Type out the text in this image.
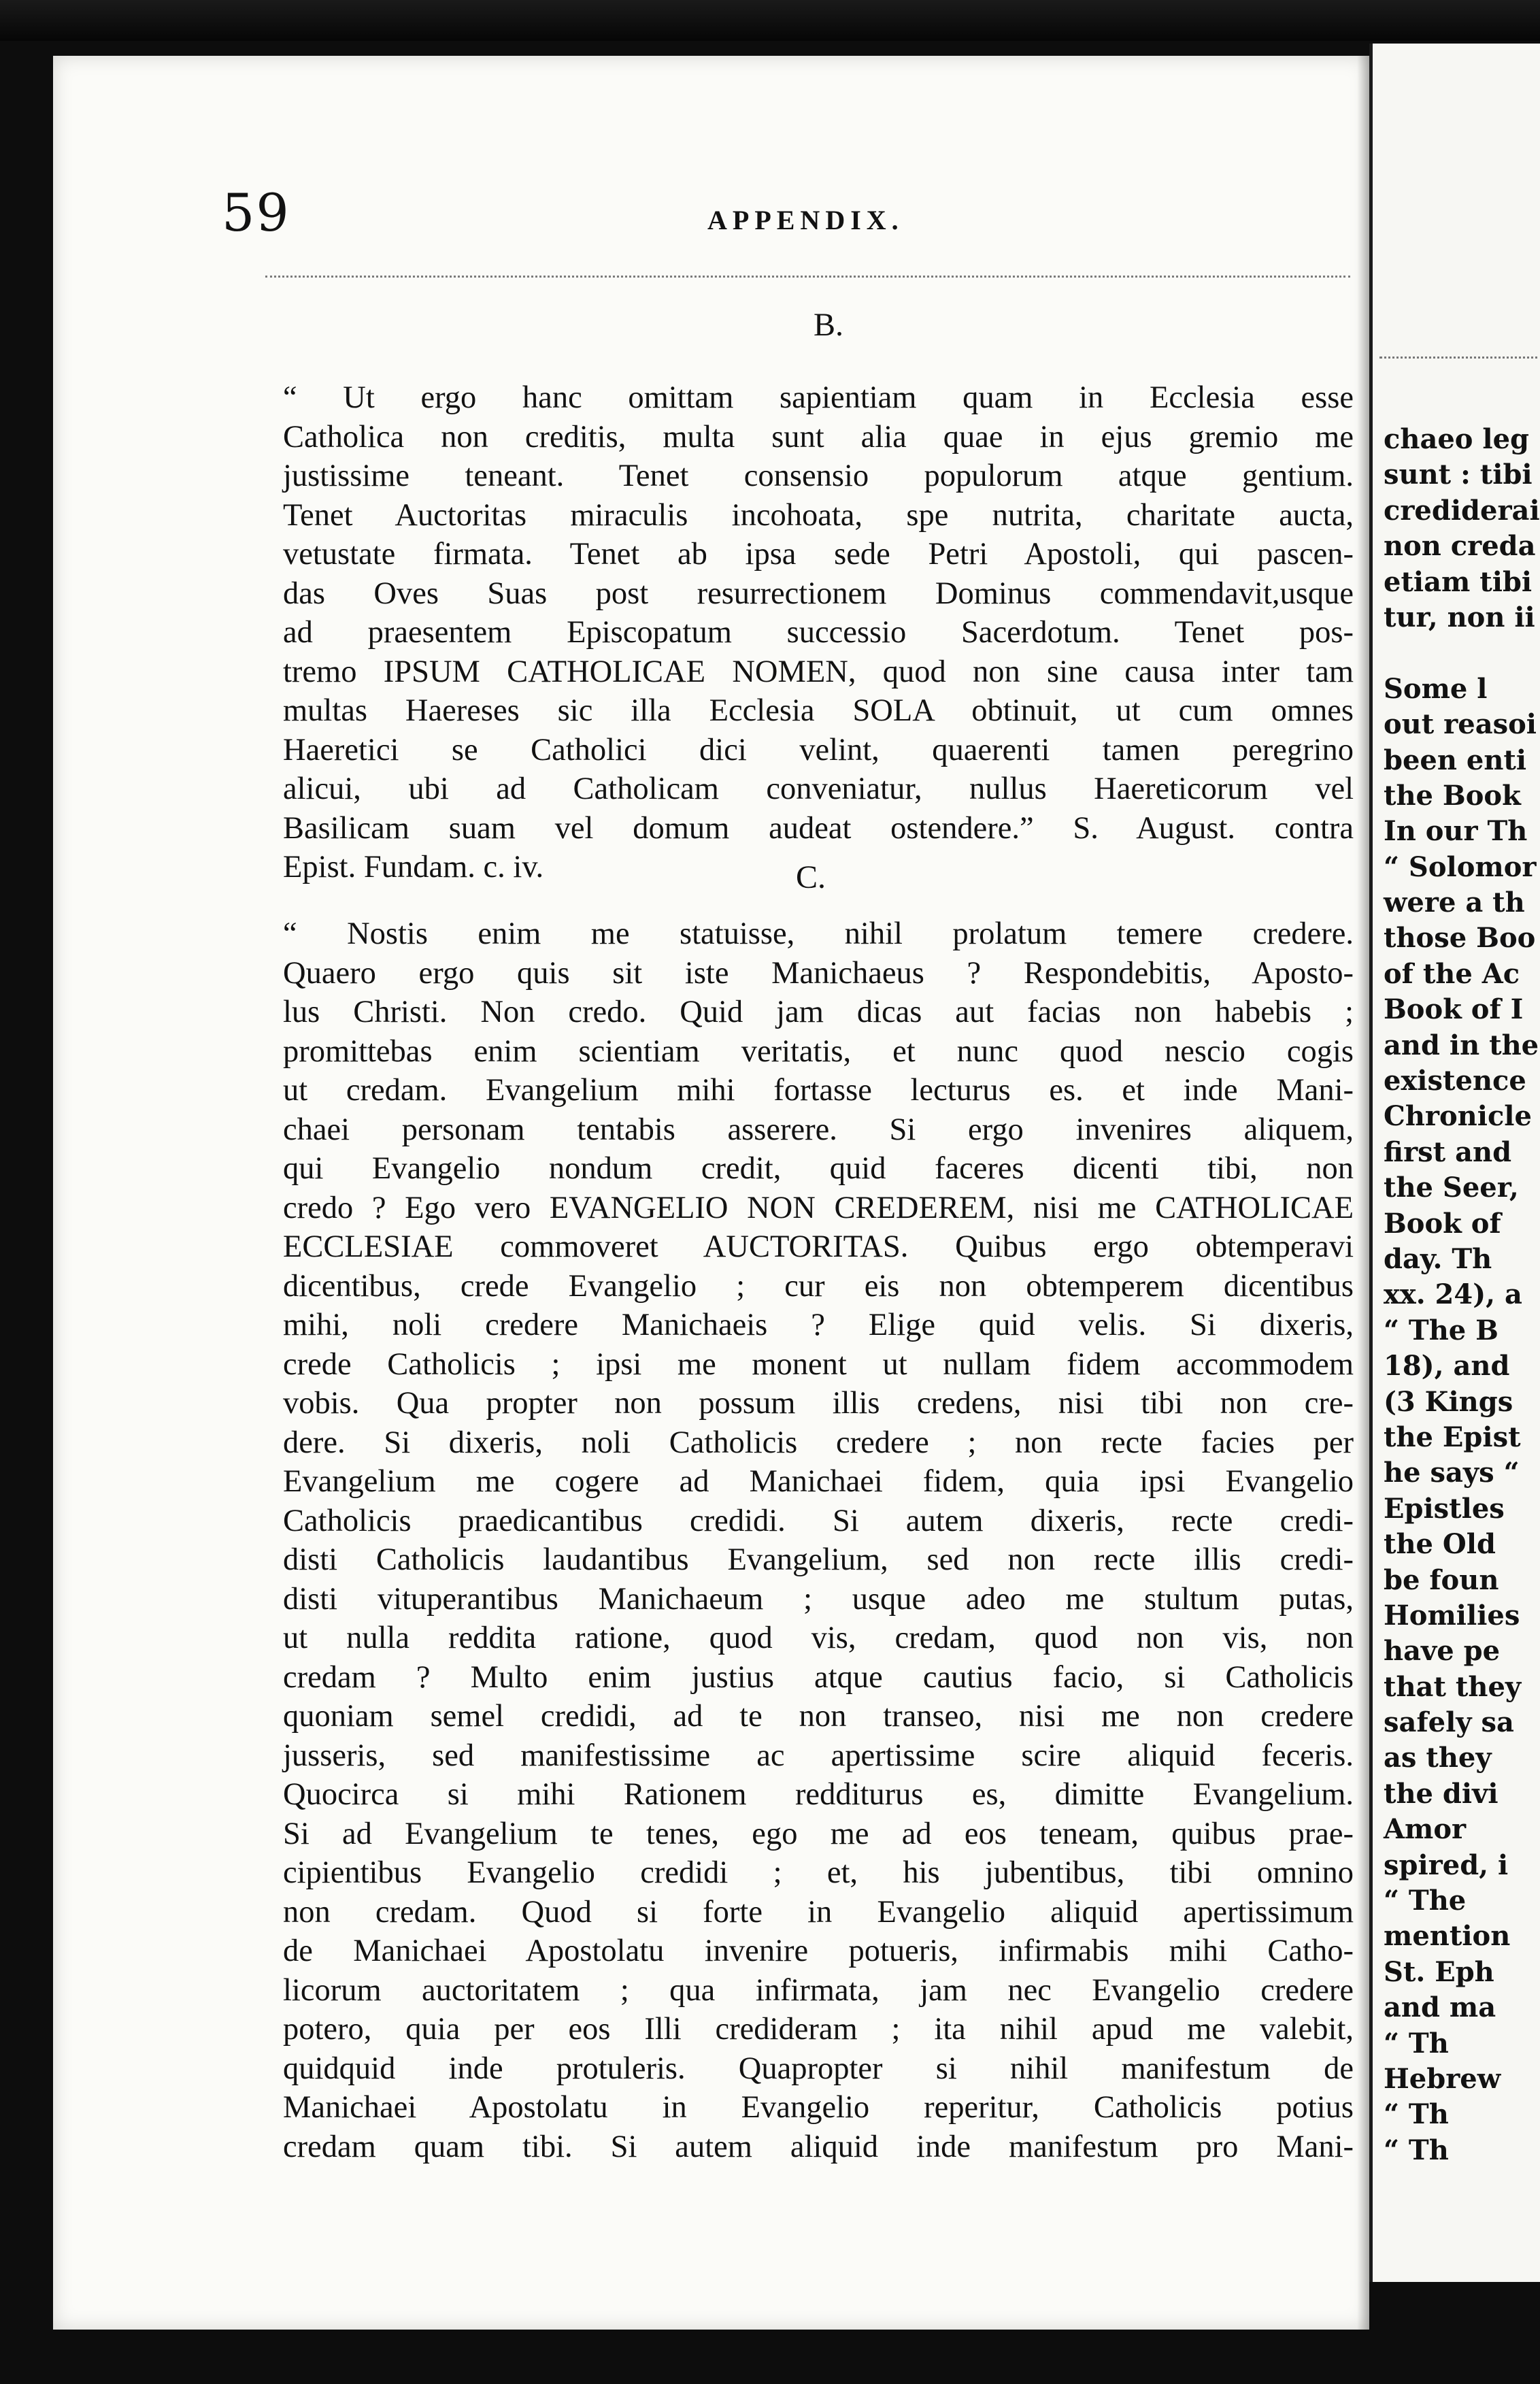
59	APPENDIX.
B.
“ Ut ergo hanc omittam sapientiam quam in Ecclesia esse
Catholica non creditis, multa sunt alia quae in ejus gremio me
justissime teneant. Tenet consensio populorum atque gentium.
Tenet Auctoritas miraculis incohoata, spe nutrita, charitate aucta,
vetustate firmata. Tenet ab ipsa sede Petri Apostoli, qui pascen-
das Oves Suas post resurrectionem Dominus commendavit,usque
ad praesentem Episcopatum successio Sacerdotum. Tenet pos-
tremo IPSUM CATHOLICAE NOMEN, quod non sine causa inter tam
multas Haereses sic illa Ecclesia SOLA obtinuit, ut cum omnes
Haeretici se Catholici dici velint, quaerenti tamen peregrino
alicui, ubi ad Catholicam conveniatur, nullus Haereticorum vel
Basilicam suam vel domum audeat ostendere.” S. August. contra
Epist. Fundam. c. iv.	C.
“ Nostis enim me statuisse, nihil prolatum temere credere.
Quaero ergo quis sit iste Manichaeus ? Respondebitis, Aposto-
lus Christi. Non credo. Quid jam dicas aut facias non habebis ;
promittebas enim scientiam veritatis, et nunc quod nescio cogis
ut credam. Evangelium mihi fortasse lecturus es. et inde Mani-
chaei personam tentabis asserere. Si ergo invenires aliquem,
qui Evangelio nondum credit, quid faceres dicenti tibi, non
credo ? Ego vero EVANGELIO NON CREDEREM, nisi me CATHOLICAE
ECCLESIAE commoveret AUCTORITAS. Quibus ergo obtemperavi
dicentibus, crede Evangelio ; cur eis non obtemperem dicentibus
mihi, noli credere Manichaeis ? Elige quid velis. Si dixeris,
crede Catholicis ; ipsi me monent ut nullam fidem accommodem
vobis. Qua propter non possum illis credens, nisi tibi non cre-
dere. Si dixeris, noli Catholicis credere ; non recte facies per
Evangelium me cogere ad Manichaei fidem, quia ipsi Evangelio
Catholicis praedicantibus credidi. Si autem dixeris, recte credi-
disti Catholicis laudantibus Evangelium, sed non recte illis credi-
disti vituperantibus Manichaeum ; usque adeo me stultum putas,
ut nulla reddita ratione, quod vis, credam, quod non vis, non
credam ? Multo enim justius atque cautius facio, si Catholicis
quoniam semel credidi, ad te non transeo, nisi me non credere
jusseris, sed manifestissime ac apertissime scire aliquid feceris.
Quocirca si mihi Rationem redditurus es, dimitte Evangelium.
Si ad Evangelium te tenes, ego me ad eos teneam, quibus prae-
cipientibus Evangelio credidi ; et, his jubentibus, tibi omnino
non credam. Quod si forte in Evangelio aliquid apertissimum
de Manichaei Apostolatu invenire potueris, infirmabis mihi Catho-
licorum auctoritatem ; qua infirmata, jam nec Evangelio credere
potero, quia per eos Illi credideram ; ita nihil apud me valebit,
quidquid inde protuleris. Quapropter si nihil manifestum de
Manichaei Apostolatu in Evangelio reperitur, Catholicis potius
credam quam tibi. Si autem aliquid inde manifestum pro Mani-
chaeo leg
sunt : tibi
crediderai
non creda
etiam tibi
tur, non ii
Some l
out reasoi
been enti
the Book
In our Th
“ Solomor
were a th
those Boo
of the Ac
Book of I
and in the
existence
Chronicle
first and
the Seer,
Book of
day. Th
xx. 24), a
“ The B
18), and
(3 Kings
the Epist
he says “
Epistles
the Old
be foun
Homilies
have pe
that they
safely sa
as they
the divi
Amor
spired, i
“ The
mention
St. Eph
and ma
“ Th
Hebrew
“ Th
“ Th
